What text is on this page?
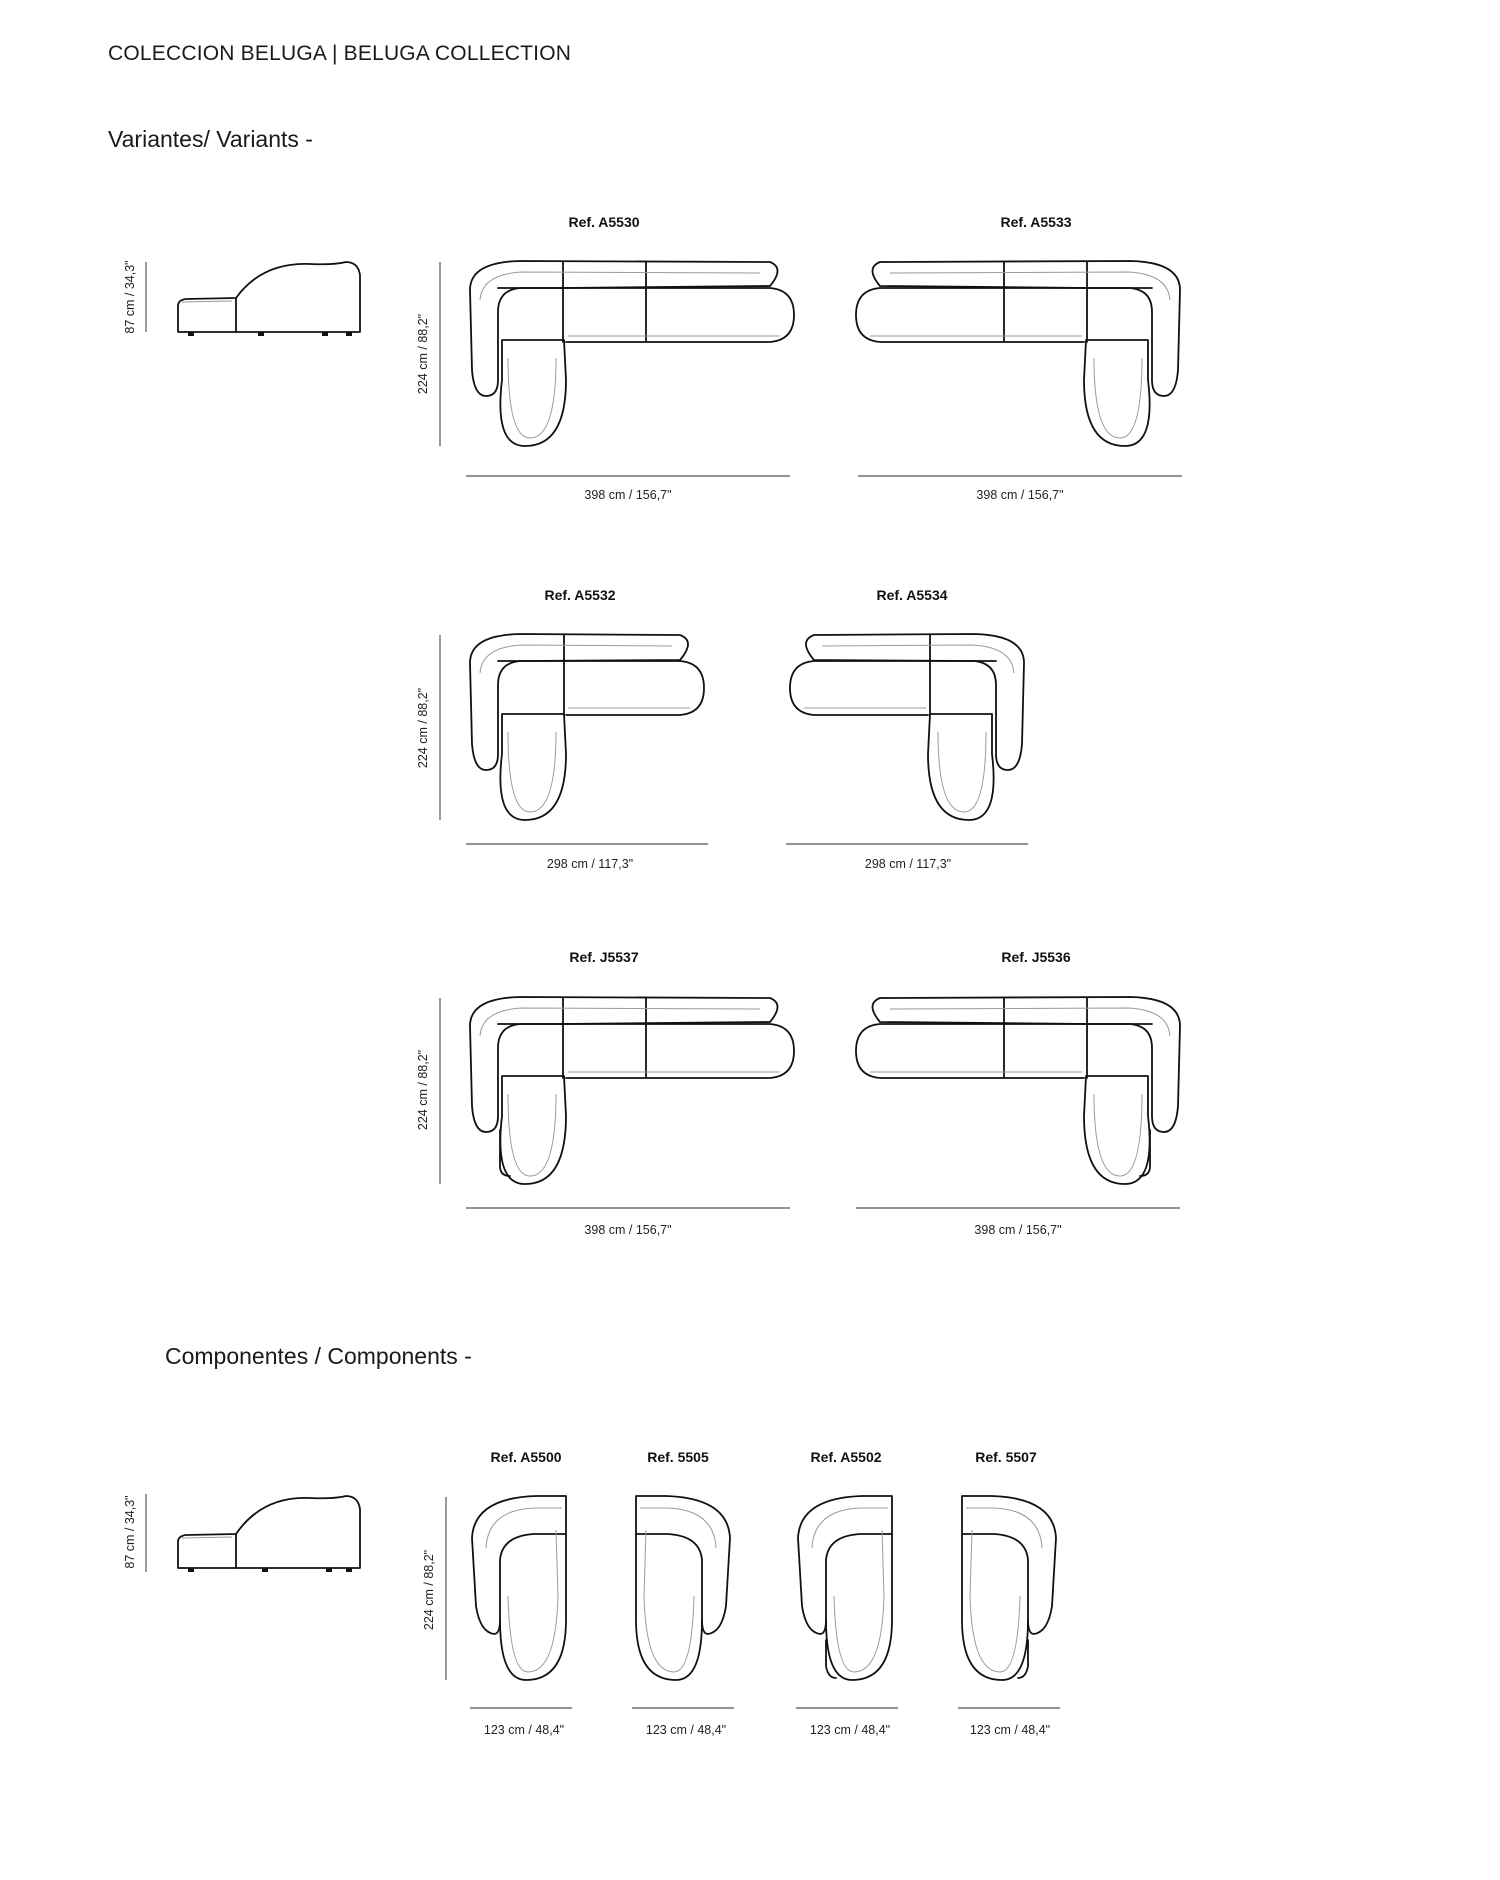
COLECCION BELUGA | BELUGA COLLECTION
Variantes/ Variants -
Componentes / Components -
87 cm / 34,3"
Ref. A5530
224 cm / 88,2"
398 cm / 156,7"
Ref. A5533
398 cm / 156,7"
Ref. A5532
224 cm / 88,2"
298 cm / 117,3"
Ref. A5534
298 cm / 117,3"
Ref. J5537
224 cm / 88,2"
398 cm / 156,7"
Ref. J5536
398 cm / 156,7"
87 cm / 34,3"
Ref. A5500
224 cm / 88,2"
123 cm / 48,4"
Ref. 5505
123 cm / 48,4"
Ref. A5502
123 cm / 48,4"
Ref. 5507
123 cm / 48,4"
